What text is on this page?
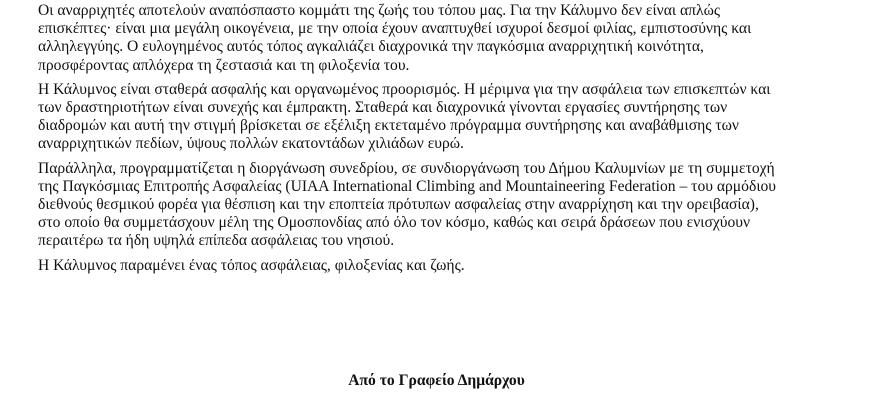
Οι αναρριχητές αποτελούν αναπόσπαστο κομμάτι της ζωής του τόπου μας. Για την Κάλυμνο δεν είναι απλώς επισκέπτες· είναι μια μεγάλη οικογένεια, με την οποία έχουν αναπτυχθεί ισχυροί δεσμοί φιλίας, εμπιστοσύνης και αλληλεγγύης. Ο ευλογημένος αυτός τόπος αγκαλιάζει διαχρονικά την παγκόσμια αναρριχητική κοινότητα, προσφέροντας απλόχερα τη ζεστασιά και τη φιλοξενία του.

Η Κάλυμνος είναι σταθερά ασφαλής και οργανωμένος προορισμός. Η μέριμνα για την ασφάλεια των επισκεπτών και των δραστηριοτήτων είναι συνεχής και έμπρακτη. Σταθερά και διαχρονικά γίνονται εργασίες συντήρησης των διαδρομών και αυτή την στιγμή βρίσκεται σε εξέλιξη εκτεταμένο πρόγραμμα συντήρησης και αναβάθμισης των αναρριχητικών πεδίων, ύψους πολλών εκατοντάδων χιλιάδων ευρώ.

Παράλληλα, προγραμματίζεται η διοργάνωση συνεδρίου, σε συνδιοργάνωση του Δήμου Καλυμνίων με τη συμμετοχή της Παγκόσμιας Επιτροπής Ασφαλείας (UIAA International Climbing and Mountaineering Federation – του αρμόδιου διεθνούς θεσμικού φορέα για θέσπιση και την εποπτεία πρότυπων ασφαλείας στην αναρρίχηση και την ορειβασία), στο οποίο θα συμμετάσχουν μέλη της Ομοσπονδίας από όλο τον κόσμο, καθώς και σειρά δράσεων που ενισχύουν περαιτέρω τα ήδη υψηλά επίπεδα ασφάλειας του νησιού.

Η Κάλυμνος παραμένει ένας τόπος ασφάλειας, φιλοξενίας και ζωής.

Από το Γραφείο Δημάρχου
